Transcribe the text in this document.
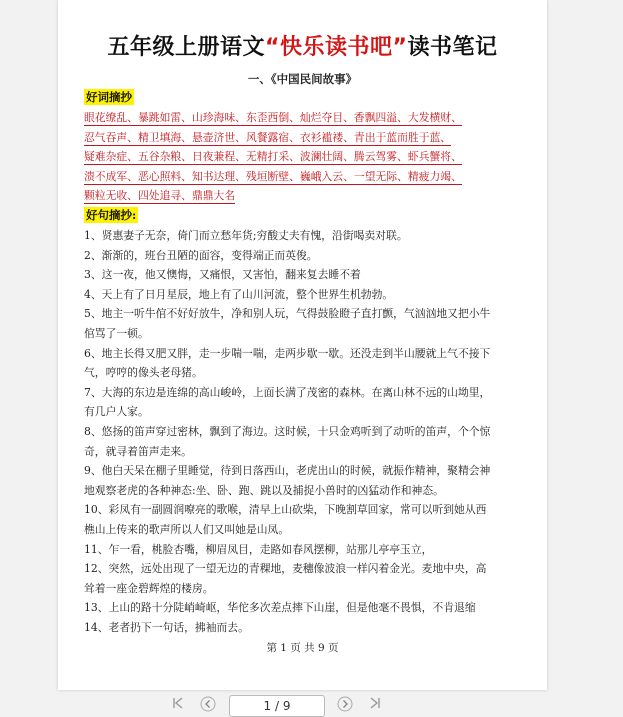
五年级上册语文“快乐读书吧”读书笔记
一、《中国民间故事》
好词摘抄
眼花缭乱、暴跳如雷、山珍海味、东歪西倒、灿烂夺目、香飘四溢、大发横财、
忍气吞声、精卫填海、悬壶济世、风餐露宿、衣衫褴褛、青出于蓝而胜于蓝、
疑难杂症、五谷杂粮、日夜兼程、无精打采、波澜壮阔、腾云驾雾、虾兵蟹将、
溃不成军、恶心照料、知书达理、残垣断壁、巍峨入云、一望无际、精疲力竭、
颗粒无收、四处追寻、鼎鼎大名
好句摘抄:
1、贤惠妻子无奈，倚门而立愁年货;穷酸丈夫有愧，沿街喝卖对联。
2、渐渐的，班台丑陋的面容，变得端正而英俊。
3、这一夜，他又懊悔，又痛恨，又害怕，翻来复去睡不着
4、天上有了日月星辰，地上有了山川河流，整个世界生机勃勃。
5、地主一听牛倌不好好放牛，净和别人玩，气得鼓脸瞪子直打颤，气汹汹地又把小牛
倌骂了一顿。
6、地主长得又肥又胖，走一步喘一喘，走两步歇一歇。还没走到半山腰就上气不接下
气，哼哼的像头老母猪。
7、大海的东边是连绵的高山峻岭，上面长满了茂密的森林。在离山林不远的山坳里，
有几户人家。
8、悠扬的笛声穿过密林，飘到了海边。这时候，十只金鸡听到了动听的笛声，个个惊
奇，就寻着笛声走来。
9、他白天呆在棚子里睡觉，待到日落西山，老虎出山的时候，就振作精神，聚精会神
地观察老虎的各种神态:坐、卧、跑、跳以及捕捉小兽时的凶猛动作和神态。
10、彩凤有一副圆润嘹亮的歌喉，清早上山砍柴，下晚割草回家，常可以听到她从西
樵山上传来的歌声所以人们又叫她是山凤。
11、乍一看，桃脸杏嘴，柳眉凤目，走路如春风摆柳，站那儿亭亭玉立，
12、突然，远处出现了一望无边的青稞地，麦穗像波浪一样闪着金光。麦地中央，高
耸着一座金碧辉煌的楼房。
13、上山的路十分陡峭崎岖，华佗多次差点摔下山崖，但是他毫不畏惧，不肯退缩
14、老者扔下一句话，拂袖而去。
第 1 页 共 9 页
1 / 9
